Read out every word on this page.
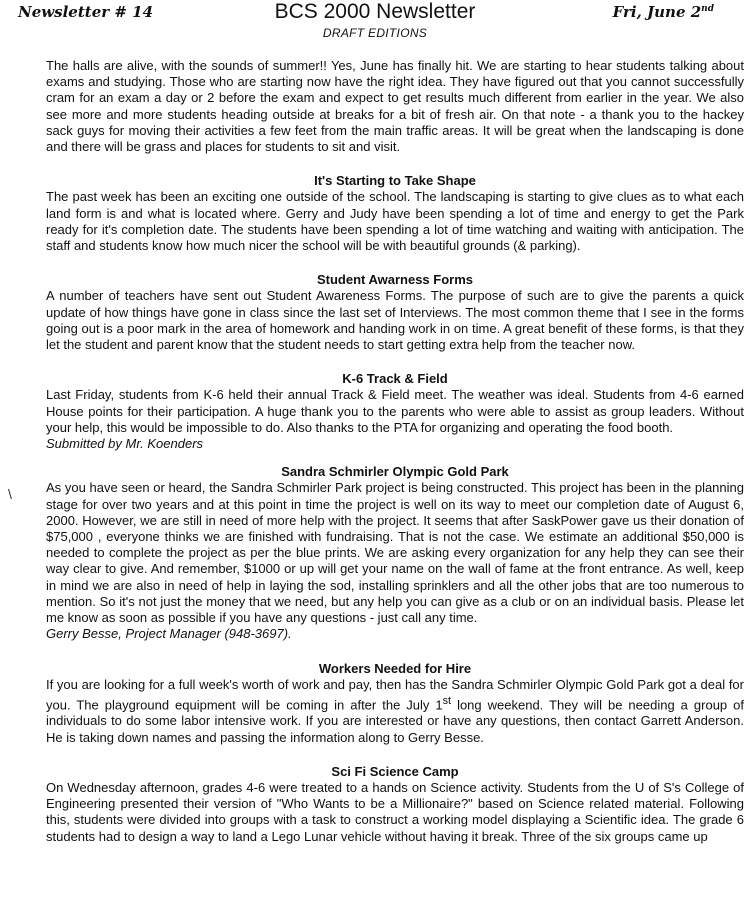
Newsletter # 14	BCS 2000 Newsletter	Fri, June 2nd
DRAFT EDITIONS
\

The halls are alive, with the sounds of summer!! Yes, June has finally hit. We are starting to hear students talking about exams and studying. Those who are starting now have the right idea. They have figured out that you cannot successfully cram for an exam a day or 2 before the exam and expect to get results much different from earlier in the year. We also see more and more students heading outside at breaks for a bit of fresh air. On that note - a thank you to the hackey sack guys for moving their activities a few feet from the main traffic areas. It will be great when the landscaping is done and there will be grass and places for students to sit and visit.

It's Starting to Take Shape

The past week has been an exciting one outside of the school. The landscaping is starting to give clues as to what each land form is and what is located where. Gerry and Judy have been spending a lot of time and energy to get the Park ready for it's completion date. The students have been spending a lot of time watching and waiting with anticipation. The staff and students know how much nicer the school will be with beautiful grounds (& parking).

Student Awarness Forms

A number of teachers have sent out Student Awareness Forms. The purpose of such are to give the parents a quick update of how things have gone in class since the last set of Interviews. The most common theme that I see in the forms going out is a poor mark in the area of homework and handing work in on time. A great benefit of these forms, is that they let the student and parent know that the student needs to start getting extra help from the teacher now.

K-6 Track & Field

Last Friday, students from K-6 held their annual Track & Field meet. The weather was ideal. Students from 4-6 earned House points for their participation. A huge thank you to the parents who were able to assist as group leaders. Without your help, this would be impossible to do. Also thanks to the PTA for organizing and operating the food booth.

Submitted by Mr. Koenders

Sandra Schmirler Olympic Gold Park

As you have seen or heard, the Sandra Schmirler Park project is being constructed. This project has been in the planning stage for over two years and at this point in time the project is well on its way to meet our completion date of August 6, 2000. However, we are still in need of more help with the project. It seems that after SaskPower gave us their donation of $75,000 , everyone thinks we are finished with fundraising. That is not the case. We estimate an additional $50,000 is needed to complete the project as per the blue prints. We are asking every organization for any help they can see their way clear to give. And remember, $1000 or up will get your name on the wall of fame at the front entrance. As well, keep in mind we are also in need of help in laying the sod, installing sprinklers and all the other jobs that are too numerous to mention. So it's not just the money that we need, but any help you can give as a club or on an individual basis. Please let me know as soon as possible if you have any questions - just call any time.

Gerry Besse, Project Manager (948-3697).

Workers Needed for Hire

If you are looking for a full week's worth of work and pay, then has the Sandra Schmirler Olympic Gold Park got a deal for you. The playground equipment will be coming in after the July 1st long weekend. They will be needing a group of individuals to do some labor intensive work. If you are interested or have any questions, then contact Garrett Anderson. He is taking down names and passing the information along to Gerry Besse.

Sci Fi Science Camp

On Wednesday afternoon, grades 4-6 were treated to a hands on Science activity. Students from the U of S's College of Engineering presented their version of "Who Wants to be a Millionaire?" based on Science related material. Following this, students were divided into groups with a task to construct a working model displaying a Scientific idea. The grade 6 students had to design a way to land a Lego Lunar vehicle without having it break. Three of the six groups came up
